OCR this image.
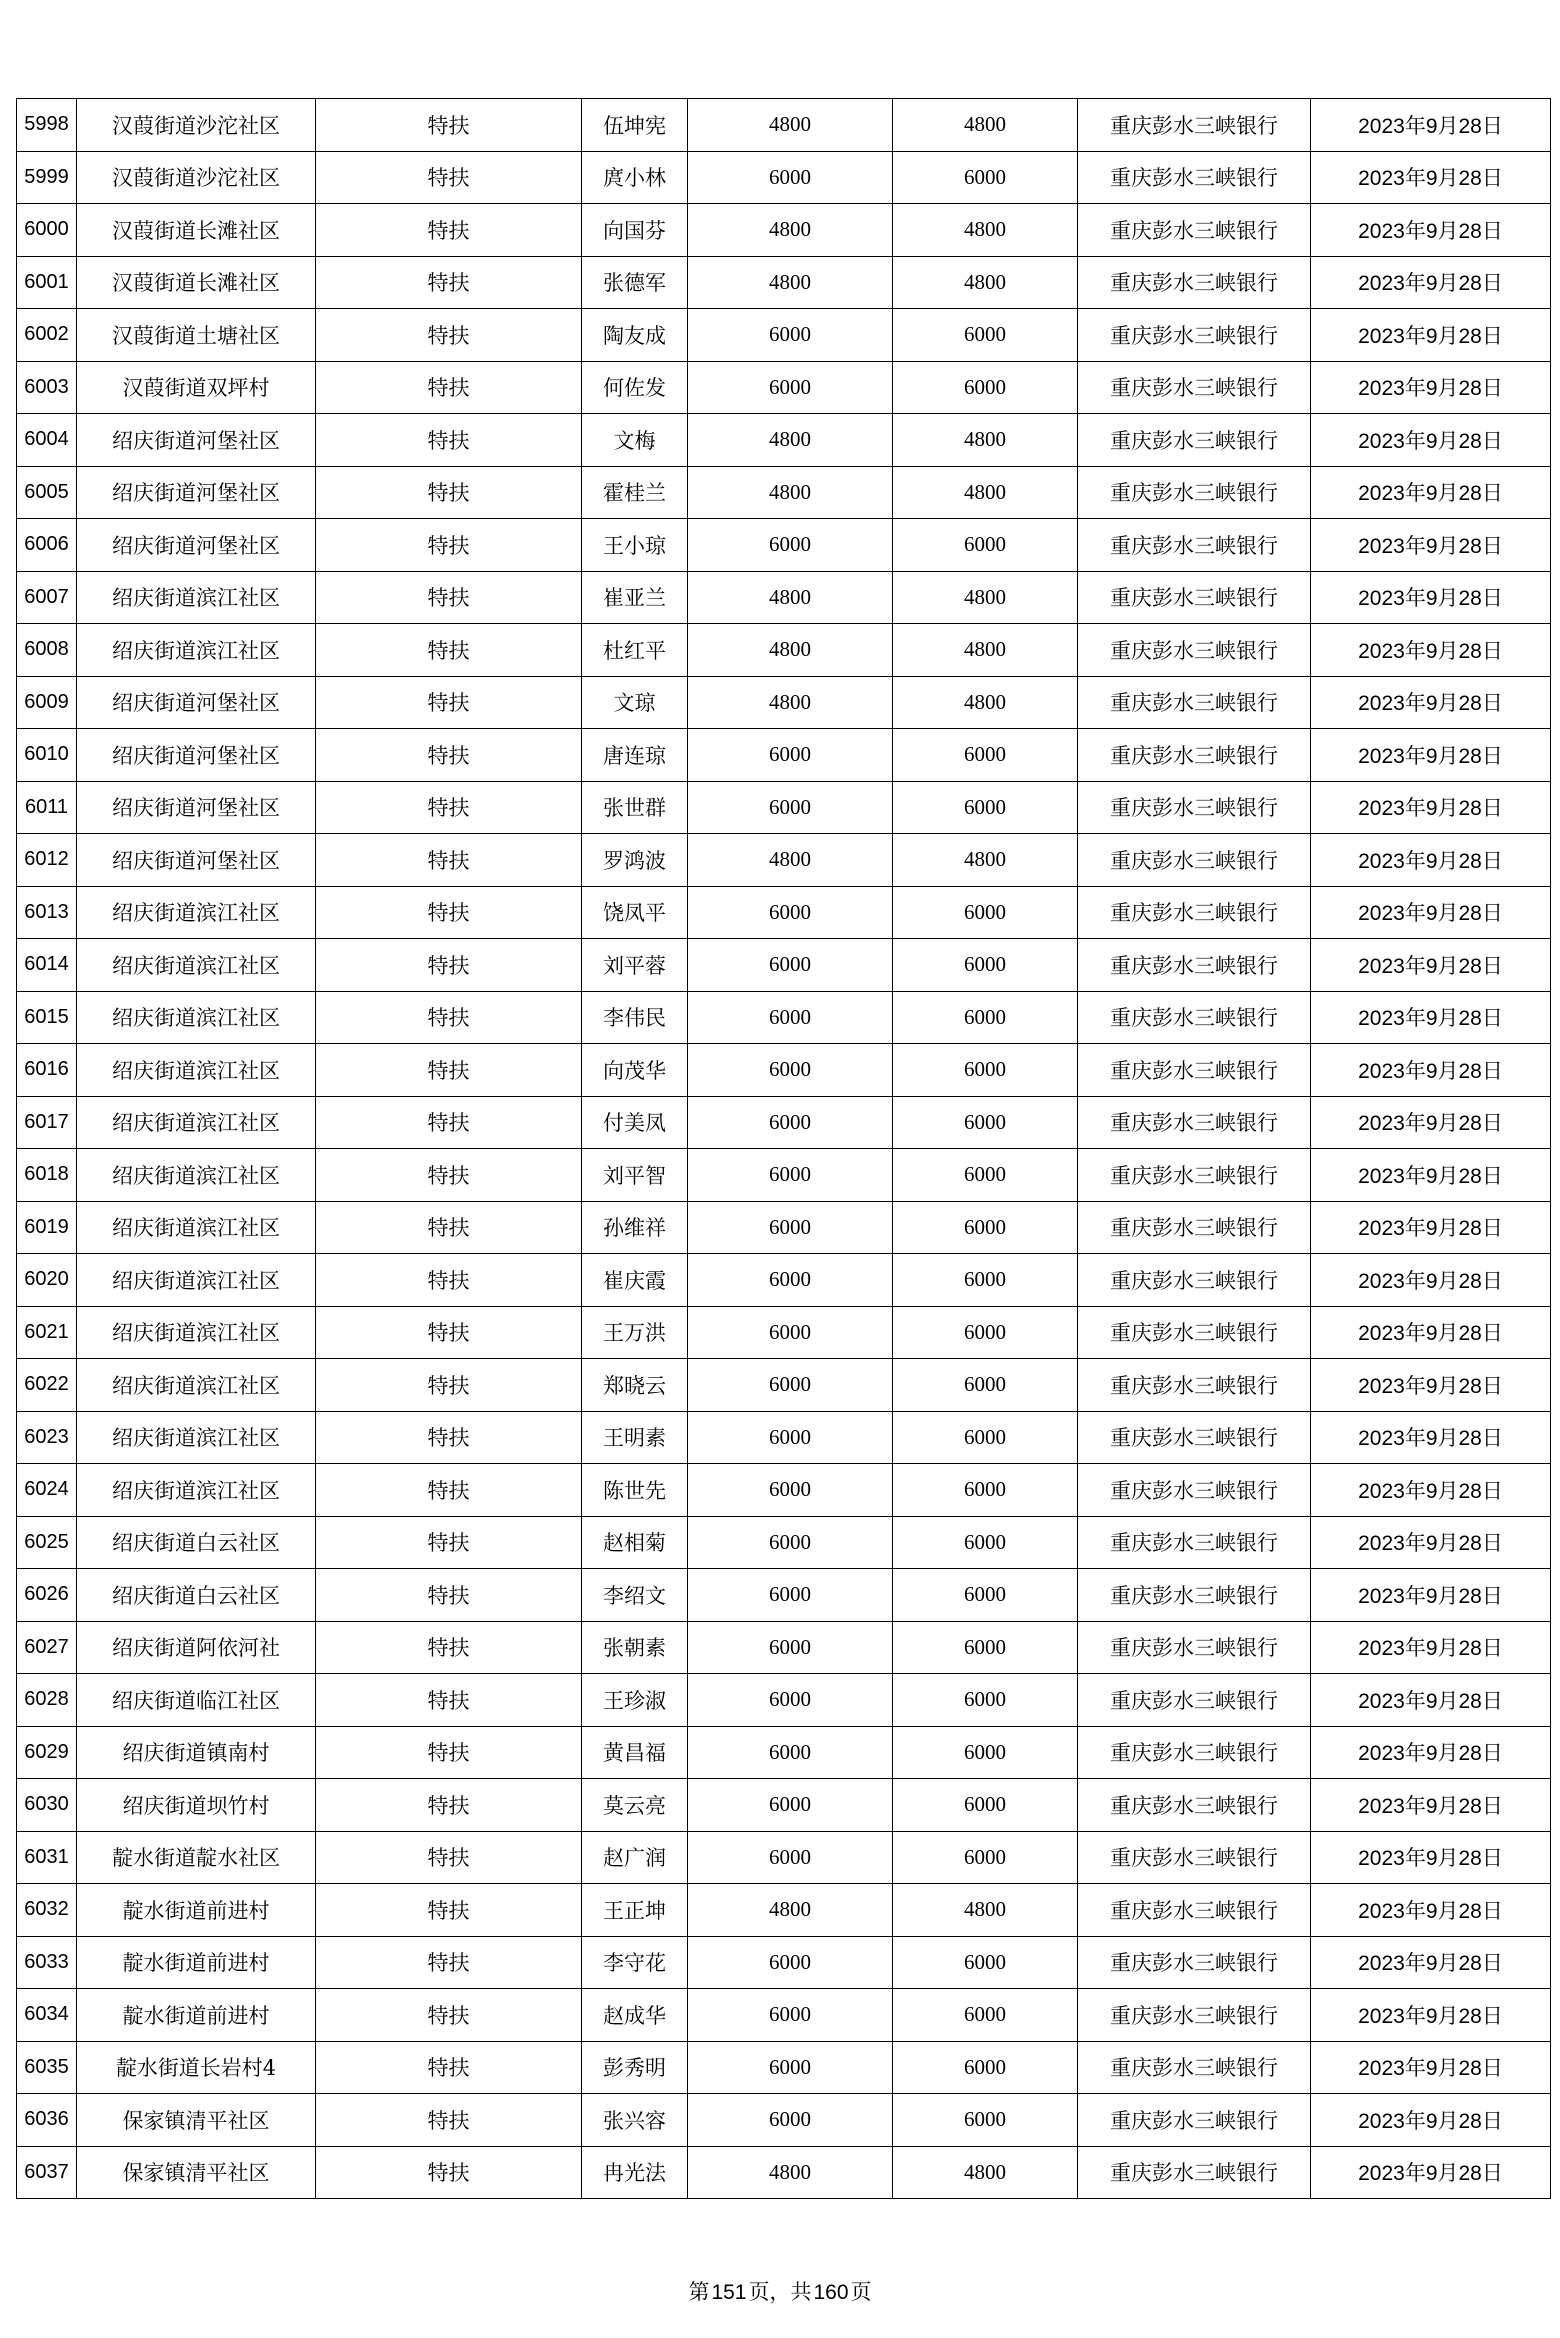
5998	汉葭街道沙沱社区	特扶	伍坤宪	4800	4800	重庆彭水三峡银行	2023年9月28日
5999	汉葭街道沙沱社区	特扶	庹小林	6000	6000	重庆彭水三峡银行	2023年9月28日
6000	汉葭街道长滩社区	特扶	向国芬	4800	4800	重庆彭水三峡银行	2023年9月28日
6001	汉葭街道长滩社区	特扶	张德军	4800	4800	重庆彭水三峡银行	2023年9月28日
6002	汉葭街道土塘社区	特扶	陶友成	6000	6000	重庆彭水三峡银行	2023年9月28日
6003	汉葭街道双坪村	特扶	何佐发	6000	6000	重庆彭水三峡银行	2023年9月28日
6004	绍庆街道河堡社区	特扶	文梅	4800	4800	重庆彭水三峡银行	2023年9月28日
6005	绍庆街道河堡社区	特扶	霍桂兰	4800	4800	重庆彭水三峡银行	2023年9月28日
6006	绍庆街道河堡社区	特扶	王小琼	6000	6000	重庆彭水三峡银行	2023年9月28日
6007	绍庆街道滨江社区	特扶	崔亚兰	4800	4800	重庆彭水三峡银行	2023年9月28日
6008	绍庆街道滨江社区	特扶	杜红平	4800	4800	重庆彭水三峡银行	2023年9月28日
6009	绍庆街道河堡社区	特扶	文琼	4800	4800	重庆彭水三峡银行	2023年9月28日
6010	绍庆街道河堡社区	特扶	唐连琼	6000	6000	重庆彭水三峡银行	2023年9月28日
6011	绍庆街道河堡社区	特扶	张世群	6000	6000	重庆彭水三峡银行	2023年9月28日
6012	绍庆街道河堡社区	特扶	罗鸿波	4800	4800	重庆彭水三峡银行	2023年9月28日
6013	绍庆街道滨江社区	特扶	饶凤平	6000	6000	重庆彭水三峡银行	2023年9月28日
6014	绍庆街道滨江社区	特扶	刘平蓉	6000	6000	重庆彭水三峡银行	2023年9月28日
6015	绍庆街道滨江社区	特扶	李伟民	6000	6000	重庆彭水三峡银行	2023年9月28日
6016	绍庆街道滨江社区	特扶	向茂华	6000	6000	重庆彭水三峡银行	2023年9月28日
6017	绍庆街道滨江社区	特扶	付美凤	6000	6000	重庆彭水三峡银行	2023年9月28日
6018	绍庆街道滨江社区	特扶	刘平智	6000	6000	重庆彭水三峡银行	2023年9月28日
6019	绍庆街道滨江社区	特扶	孙维祥	6000	6000	重庆彭水三峡银行	2023年9月28日
6020	绍庆街道滨江社区	特扶	崔庆霞	6000	6000	重庆彭水三峡银行	2023年9月28日
6021	绍庆街道滨江社区	特扶	王万洪	6000	6000	重庆彭水三峡银行	2023年9月28日
6022	绍庆街道滨江社区	特扶	郑晓云	6000	6000	重庆彭水三峡银行	2023年9月28日
6023	绍庆街道滨江社区	特扶	王明素	6000	6000	重庆彭水三峡银行	2023年9月28日
6024	绍庆街道滨江社区	特扶	陈世先	6000	6000	重庆彭水三峡银行	2023年9月28日
6025	绍庆街道白云社区	特扶	赵相菊	6000	6000	重庆彭水三峡银行	2023年9月28日
6026	绍庆街道白云社区	特扶	李绍文	6000	6000	重庆彭水三峡银行	2023年9月28日
6027	绍庆街道阿依河社	特扶	张朝素	6000	6000	重庆彭水三峡银行	2023年9月28日
6028	绍庆街道临江社区	特扶	王珍淑	6000	6000	重庆彭水三峡银行	2023年9月28日
6029	绍庆街道镇南村	特扶	黄昌福	6000	6000	重庆彭水三峡银行	2023年9月28日
6030	绍庆街道坝竹村	特扶	莫云亮	6000	6000	重庆彭水三峡银行	2023年9月28日
6031	靛水街道靛水社区	特扶	赵广润	6000	6000	重庆彭水三峡银行	2023年9月28日
6032	靛水街道前进村	特扶	王正坤	4800	4800	重庆彭水三峡银行	2023年9月28日
6033	靛水街道前进村	特扶	李守花	6000	6000	重庆彭水三峡银行	2023年9月28日
6034	靛水街道前进村	特扶	赵成华	6000	6000	重庆彭水三峡银行	2023年9月28日
6035	靛水街道长岩村4	特扶	彭秀明	6000	6000	重庆彭水三峡银行	2023年9月28日
6036	保家镇清平社区	特扶	张兴容	6000	6000	重庆彭水三峡银行	2023年9月28日
6037	保家镇清平社区	特扶	冉光法	4800	4800	重庆彭水三峡银行	2023年9月28日
第151页，共160页
